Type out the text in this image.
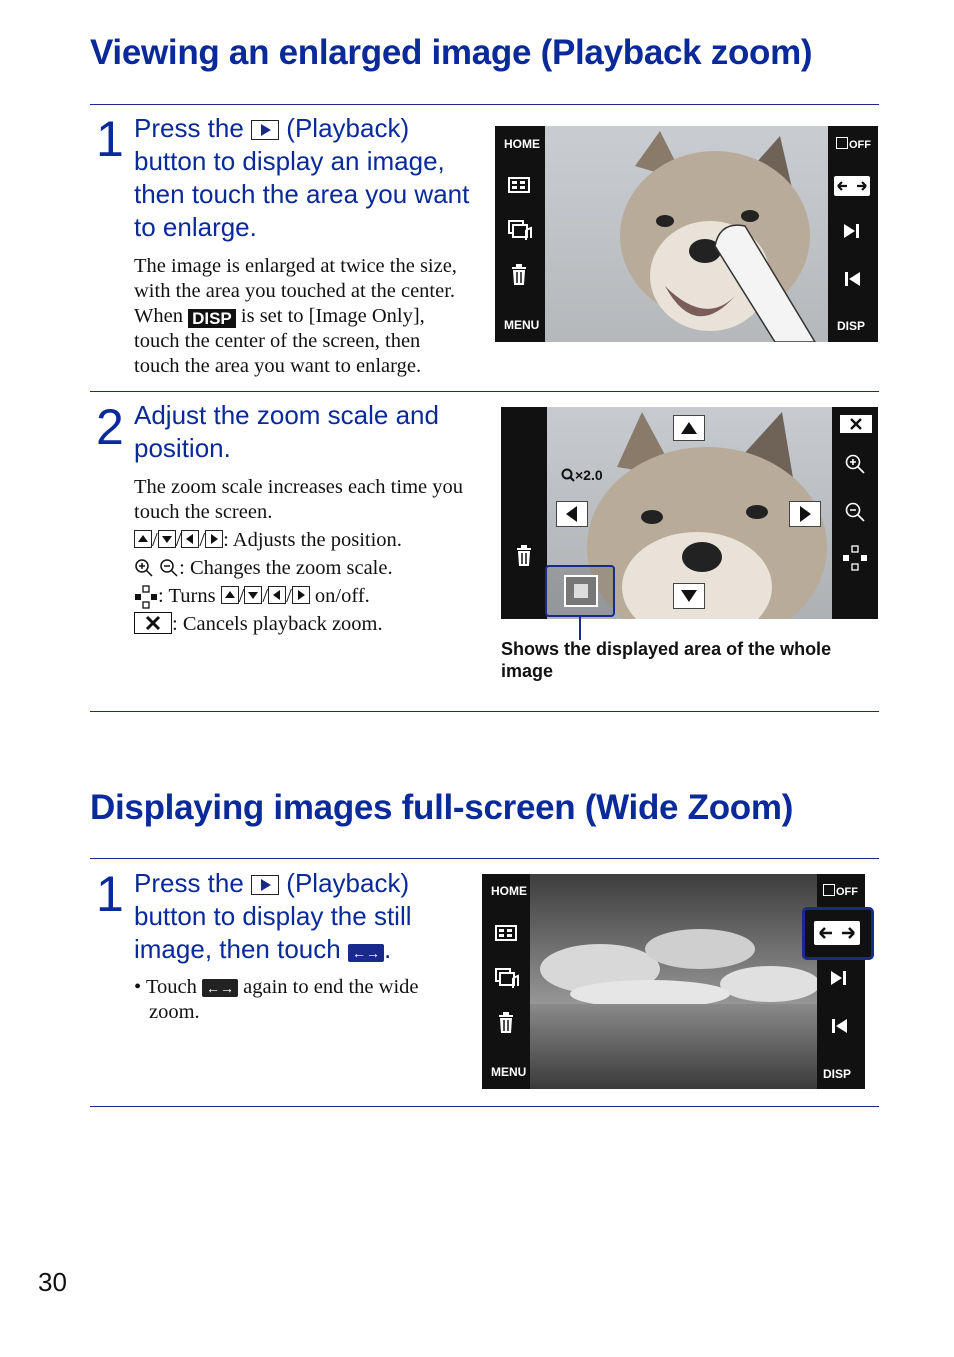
Viewing an enlarged image (Playback zoom)
1 Press the (Playback)
button to display an image,
then touch the area you want
to enlarge.
The image is enlarged at twice the size,
with the area you touched at the center.
When DISP is set to [Image Only],
touch the center of the screen, then
touch the area you want to enlarge.
HOME
MENU
OFF
DISP
2 Adjust the zoom scale and
position.
The zoom scale increases each time you
touch the screen.
/ / / : Adjusts the position.
: Changes the zoom scale.
: Turns / / / on/off.
: Cancels playback zoom.
×2.0
Shows the displayed area of the whole
image
Displaying images full-screen (Wide Zoom)
1 Press the (Playback)
button to display the still
image, then touch ←→ .
• Touch ←→ again to end the wide
zoom.
HOME
MENU
OFF
DISP
30
